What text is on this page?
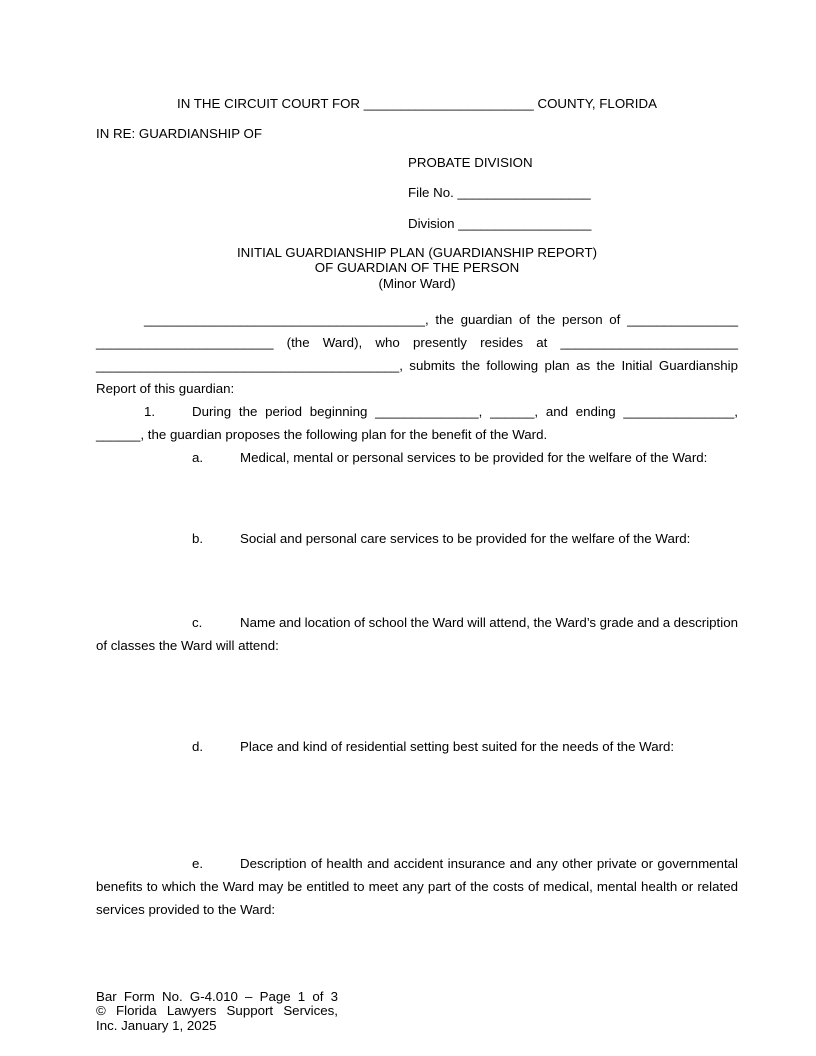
IN THE CIRCUIT COURT FOR _______________________ COUNTY, FLORIDA
IN RE: GUARDIANSHIP OF
PROBATE DIVISION
File No. __________________
Division __________________
INITIAL GUARDIANSHIP PLAN (GUARDIANSHIP REPORT)
OF GUARDIAN OF THE PERSON
(Minor Ward)
______________________________________, the guardian of the person of _______________
________________________ (the Ward), who presently resides at ________________________
_________________________________________, submits the following plan as the Initial Guardianship
Report of this guardian:
1.	During the period beginning ______________, ______, and ending _______________,
______, the guardian proposes the following plan for the benefit of the Ward.
a.	Medical, mental or personal services to be provided for the welfare of the Ward:
b.	Social and personal care services to be provided for the welfare of the Ward:
c.	Name and location of school the Ward will attend, the Ward’s grade and a description
of classes the Ward will attend:
d.	Place and kind of residential setting best suited for the needs of the Ward:
e.	Description of health and accident insurance and any other private or governmental
benefits to which the Ward may be entitled to meet any part of the costs of medical, mental health or related
services provided to the Ward:
Bar Form No. G-4.010 – Page 1 of 3
© Florida Lawyers Support Services,
Inc. January 1, 2025
